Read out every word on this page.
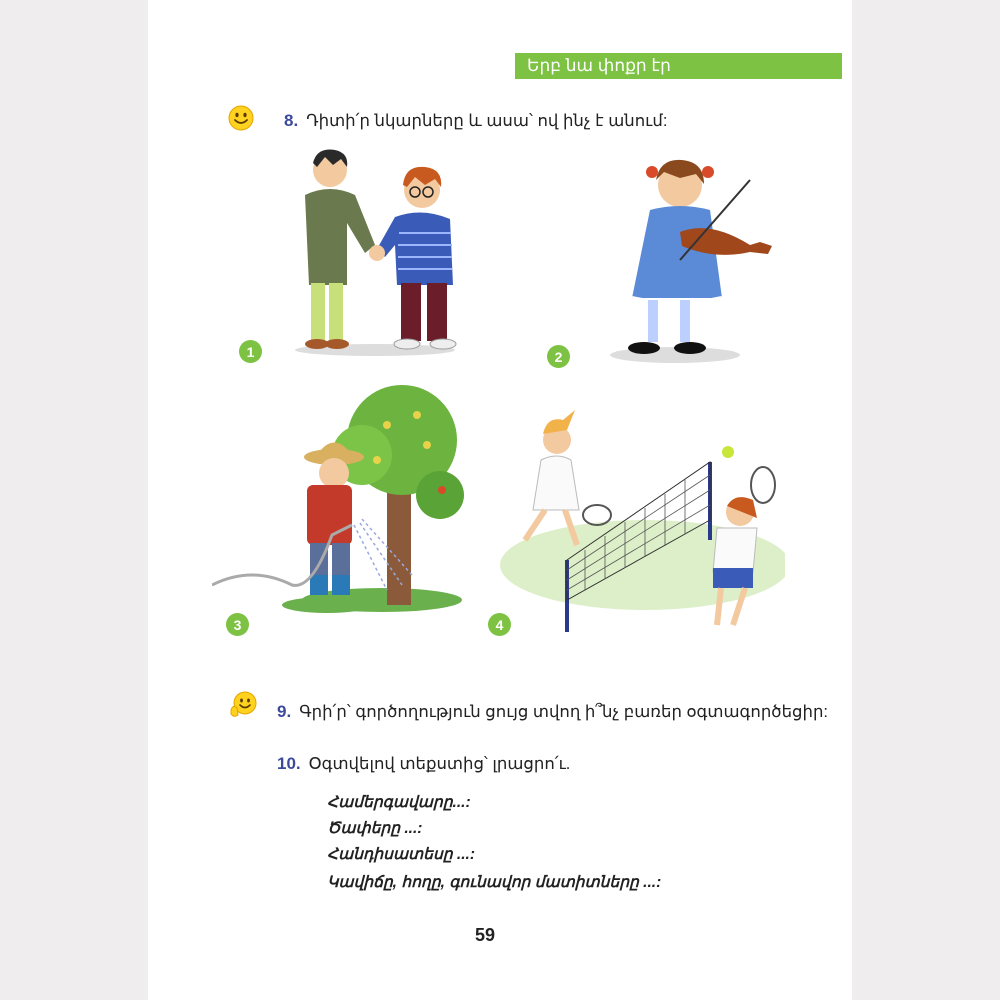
Երբ նա փոքր էր
8. Դիտի՛ր նկարները և ասա՝ ով ինչ է անում:
1	2
3	4
9. Գրի՛ր՝ գործողություն ցույց տվող ի՞նչ բառեր օգտագործեցիր:
10. Օգտվելով տեքստից՝ լրացրո՛ւ.
Համերգավարը...:
Ծափերը ...:
Հանդիսատեսը ...:
Կավիճը, հողը, գունավոր մատիտները ...:
59
